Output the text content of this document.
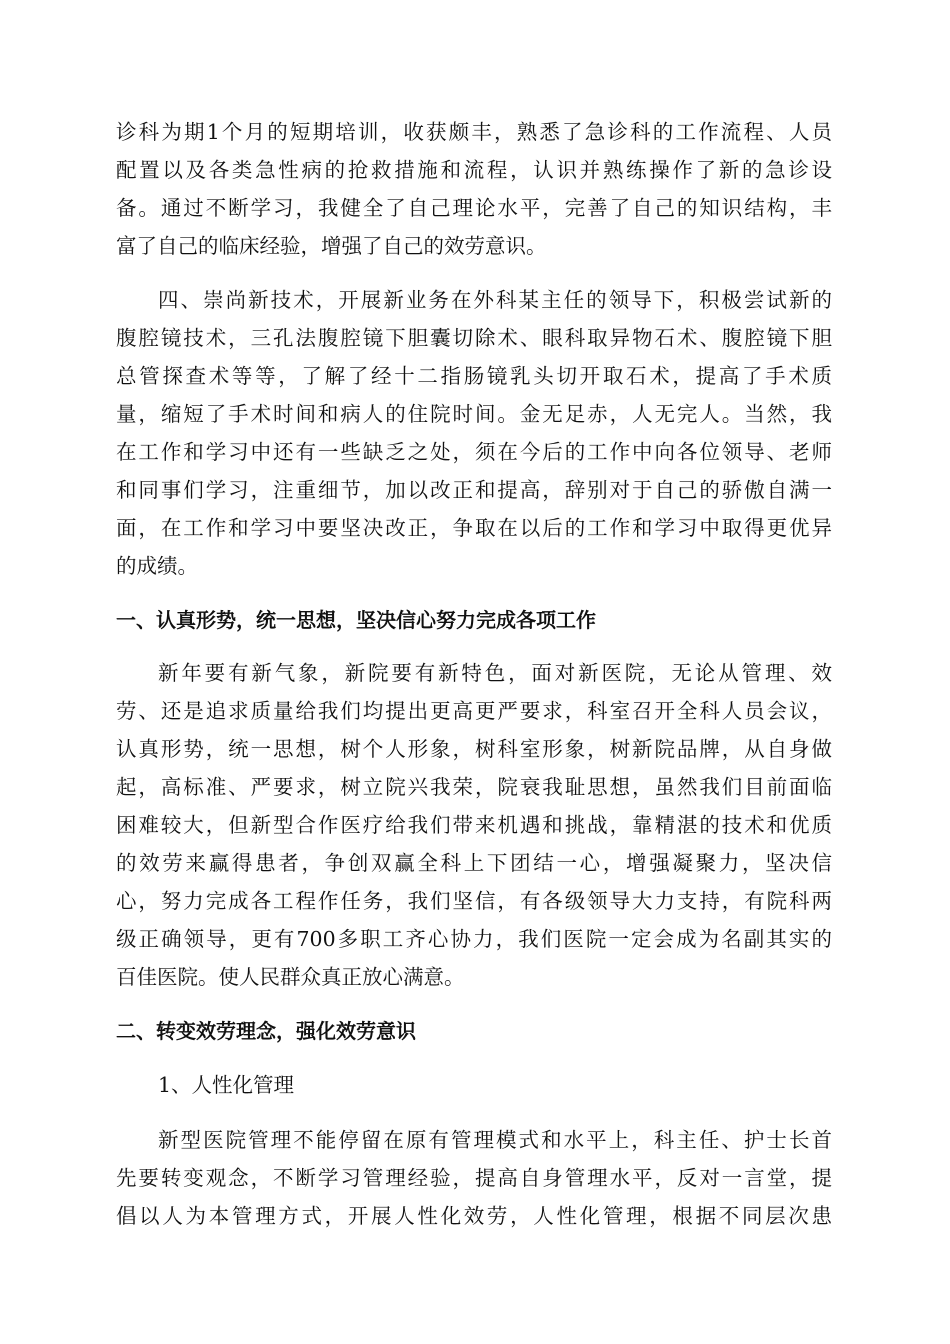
诊科为期1个月的短期培训，收获颇丰，熟悉了急诊科的工作流程、人员
配置以及各类急性病的抢救措施和流程，认识并熟练操作了新的急诊设
备。通过不断学习，我健全了自己理论水平，完善了自己的知识结构，丰
富了自己的临床经验，增强了自己的效劳意识。
四、崇尚新技术，开展新业务在外科某主任的领导下，积极尝试新的
腹腔镜技术，三孔法腹腔镜下胆囊切除术、眼科取异物石术、腹腔镜下胆
总管探查术等等，了解了经十二指肠镜乳头切开取石术，提高了手术质
量，缩短了手术时间和病人的住院时间。金无足赤，人无完人。当然，我
在工作和学习中还有一些缺乏之处，须在今后的工作中向各位领导、老师
和同事们学习，注重细节，加以改正和提高，辞别对于自己的骄傲自满一
面，在工作和学习中要坚决改正，争取在以后的工作和学习中取得更优异
的成绩。
一、认真形势，统一思想，坚决信心努力完成各项工作
新年要有新气象，新院要有新特色，面对新医院，无论从管理、效
劳、还是追求质量给我们均提出更高更严要求，科室召开全科人员会议，
认真形势，统一思想，树个人形象，树科室形象，树新院品牌，从自身做
起，高标准、严要求，树立院兴我荣，院衰我耻思想，虽然我们目前面临
困难较大，但新型合作医疗给我们带来机遇和挑战，靠精湛的技术和优质
的效劳来赢得患者，争创双赢全科上下团结一心，增强凝聚力，坚决信
心，努力完成各工程作任务，我们坚信，有各级领导大力支持，有院科两
级正确领导，更有700多职工齐心协力，我们医院一定会成为名副其实的
百佳医院。使人民群众真正放心满意。
二、转变效劳理念，强化效劳意识
1、人性化管理
新型医院管理不能停留在原有管理模式和水平上，科主任、护士长首
先要转变观念，不断学习管理经验，提高自身管理水平，反对一言堂，提
倡以人为本管理方式，开展人性化效劳，人性化管理，根据不同层次患
